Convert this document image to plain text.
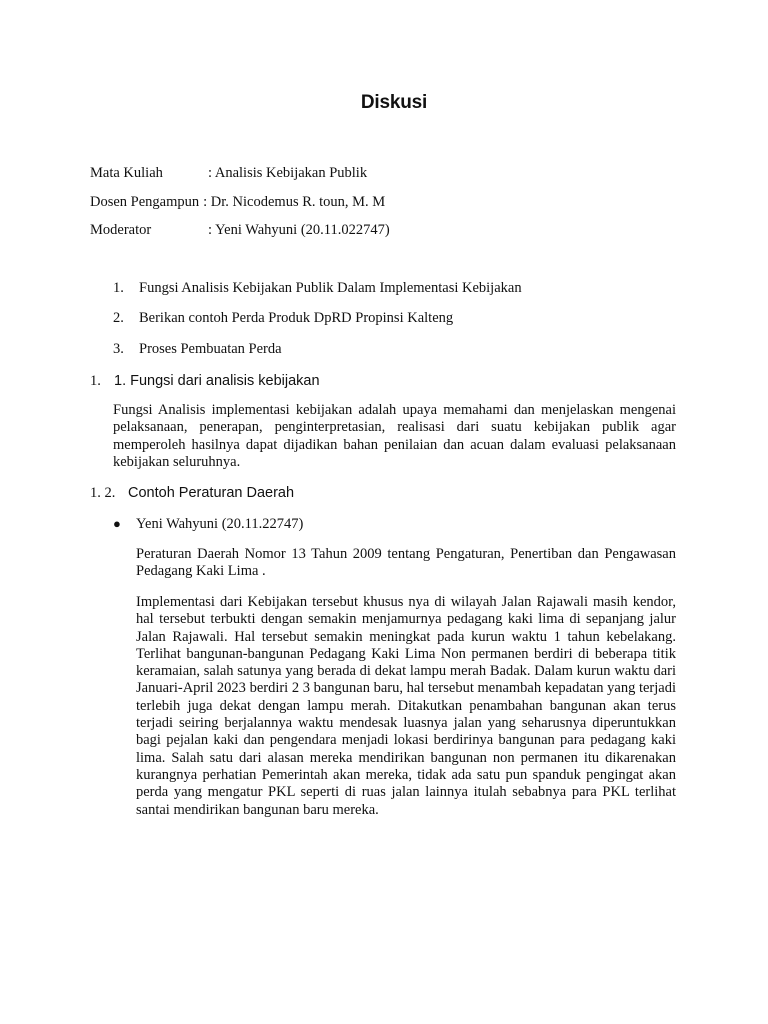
Diskusi
Mata Kuliah	: Analisis Kebijakan Publik
Dosen Pengampun : Dr. Nicodemus R. toun, M. M
Moderator	: Yeni Wahyuni (20.11.022747)
1. Fungsi Analisis Kebijakan Publik Dalam Implementasi Kebijakan
2. Berikan contoh Perda Produk DpRD Propinsi Kalteng
3. Proses Pembuatan Perda
1. 1. Fungsi dari analisis kebijakan
Fungsi Analisis implementasi kebijakan adalah upaya memahami dan menjelaskan mengenai pelaksanaan, penerapan, penginterpretasian, realisasi dari suatu kebijakan publik agar memperoleh hasilnya dapat dijadikan bahan penilaian dan acuan dalam evaluasi pelaksanaan kebijakan seluruhnya.
1. 2. Contoh Peraturan Daerah
● Yeni Wahyuni (20.11.22747)
Peraturan Daerah Nomor 13 Tahun 2009 tentang Pengaturan, Penertiban dan Pengawasan Pedagang Kaki Lima .
Implementasi dari Kebijakan tersebut khusus nya di wilayah Jalan Rajawali masih kendor, hal tersebut terbukti dengan semakin menjamurnya pedagang kaki lima di sepanjang jalur Jalan Rajawali. Hal tersebut semakin meningkat pada kurun waktu 1 tahun kebelakang. Terlihat bangunan-bangunan Pedagang Kaki Lima Non permanen berdiri di beberapa titik keramaian, salah satunya yang berada di dekat lampu merah Badak. Dalam kurun waktu dari Januari-April 2023 berdiri 2 3 bangunan baru, hal tersebut menambah kepadatan yang terjadi terlebih juga dekat dengan lampu merah. Ditakutkan penambahan bangunan akan terus terjadi seiring berjalannya waktu mendesak luasnya jalan yang seharusnya diperuntukkan bagi pejalan kaki dan pengendara menjadi lokasi berdirinya bangunan para pedagang kaki lima. Salah satu dari alasan mereka mendirikan bangunan non permanen itu dikarenakan kurangnya perhatian Pemerintah akan mereka, tidak ada satu pun spanduk pengingat akan perda yang mengatur PKL seperti di ruas jalan lainnya itulah sebabnya para PKL terlihat santai mendirikan bangunan baru mereka.
